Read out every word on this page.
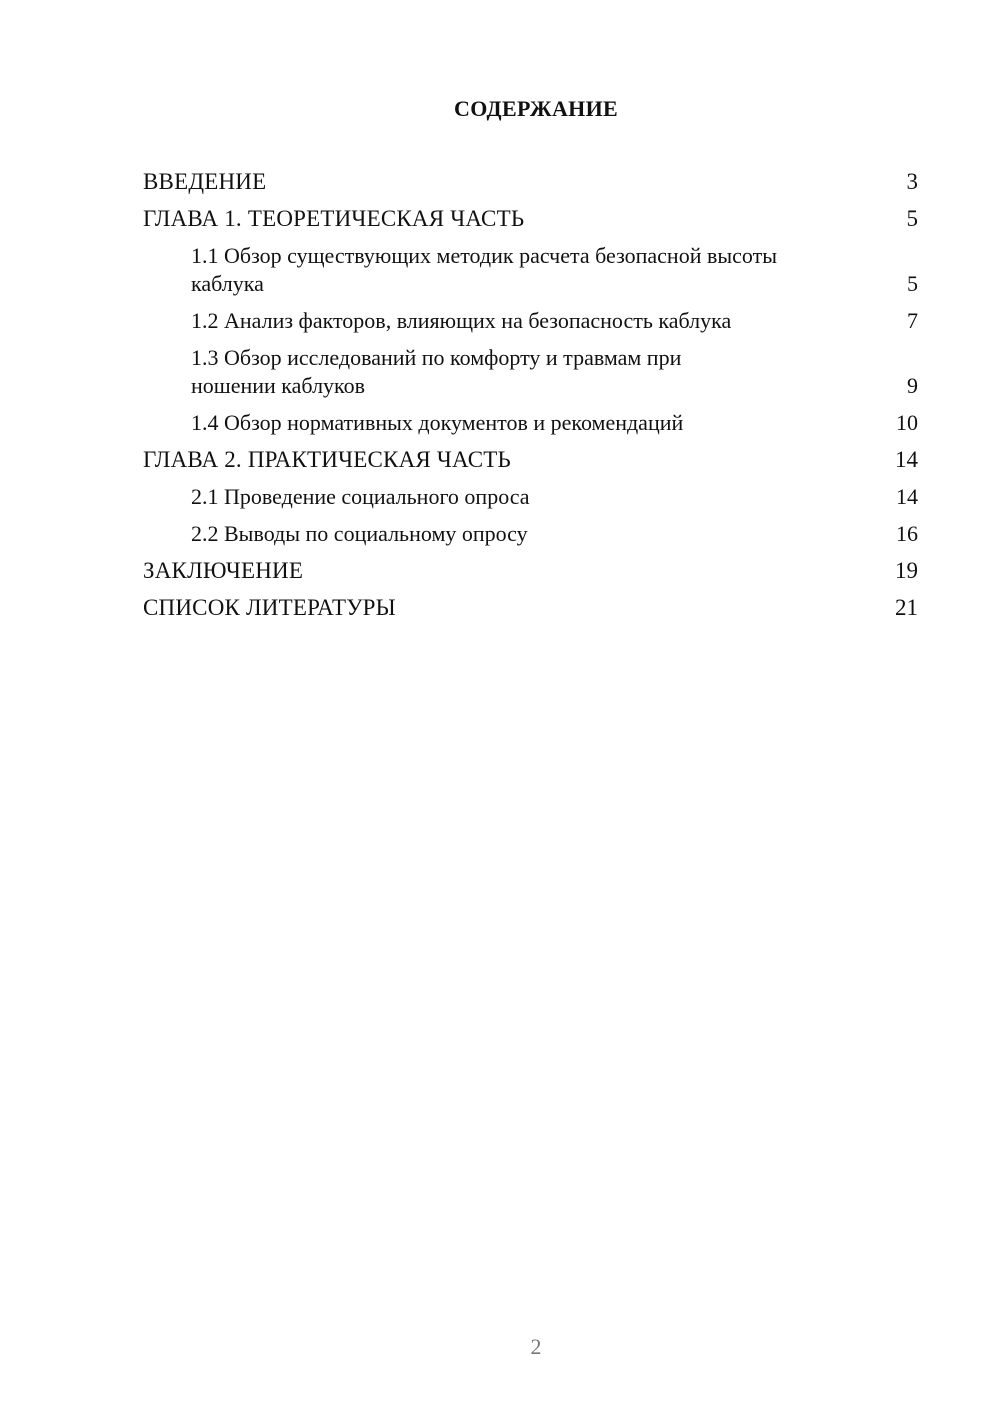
СОДЕРЖАНИЕ
ВВЕДЕНИЕ	3
ГЛАВА 1. ТЕОРЕТИЧЕСКАЯ ЧАСТЬ	5
1.1 Обзор существующих методик расчета безопасной высоты каблука	5
1.2 Анализ факторов, влияющих на безопасность каблука	7
1.3 Обзор исследований по комфорту и травмам при ношении каблуков	9
1.4 Обзор нормативных документов и рекомендаций	10
ГЛАВА 2. ПРАКТИЧЕСКАЯ ЧАСТЬ	14
2.1 Проведение социального опроса	14
2.2 Выводы по социальному опросу	16
ЗАКЛЮЧЕНИЕ	19
СПИСОК ЛИТЕРАТУРЫ	21
2
